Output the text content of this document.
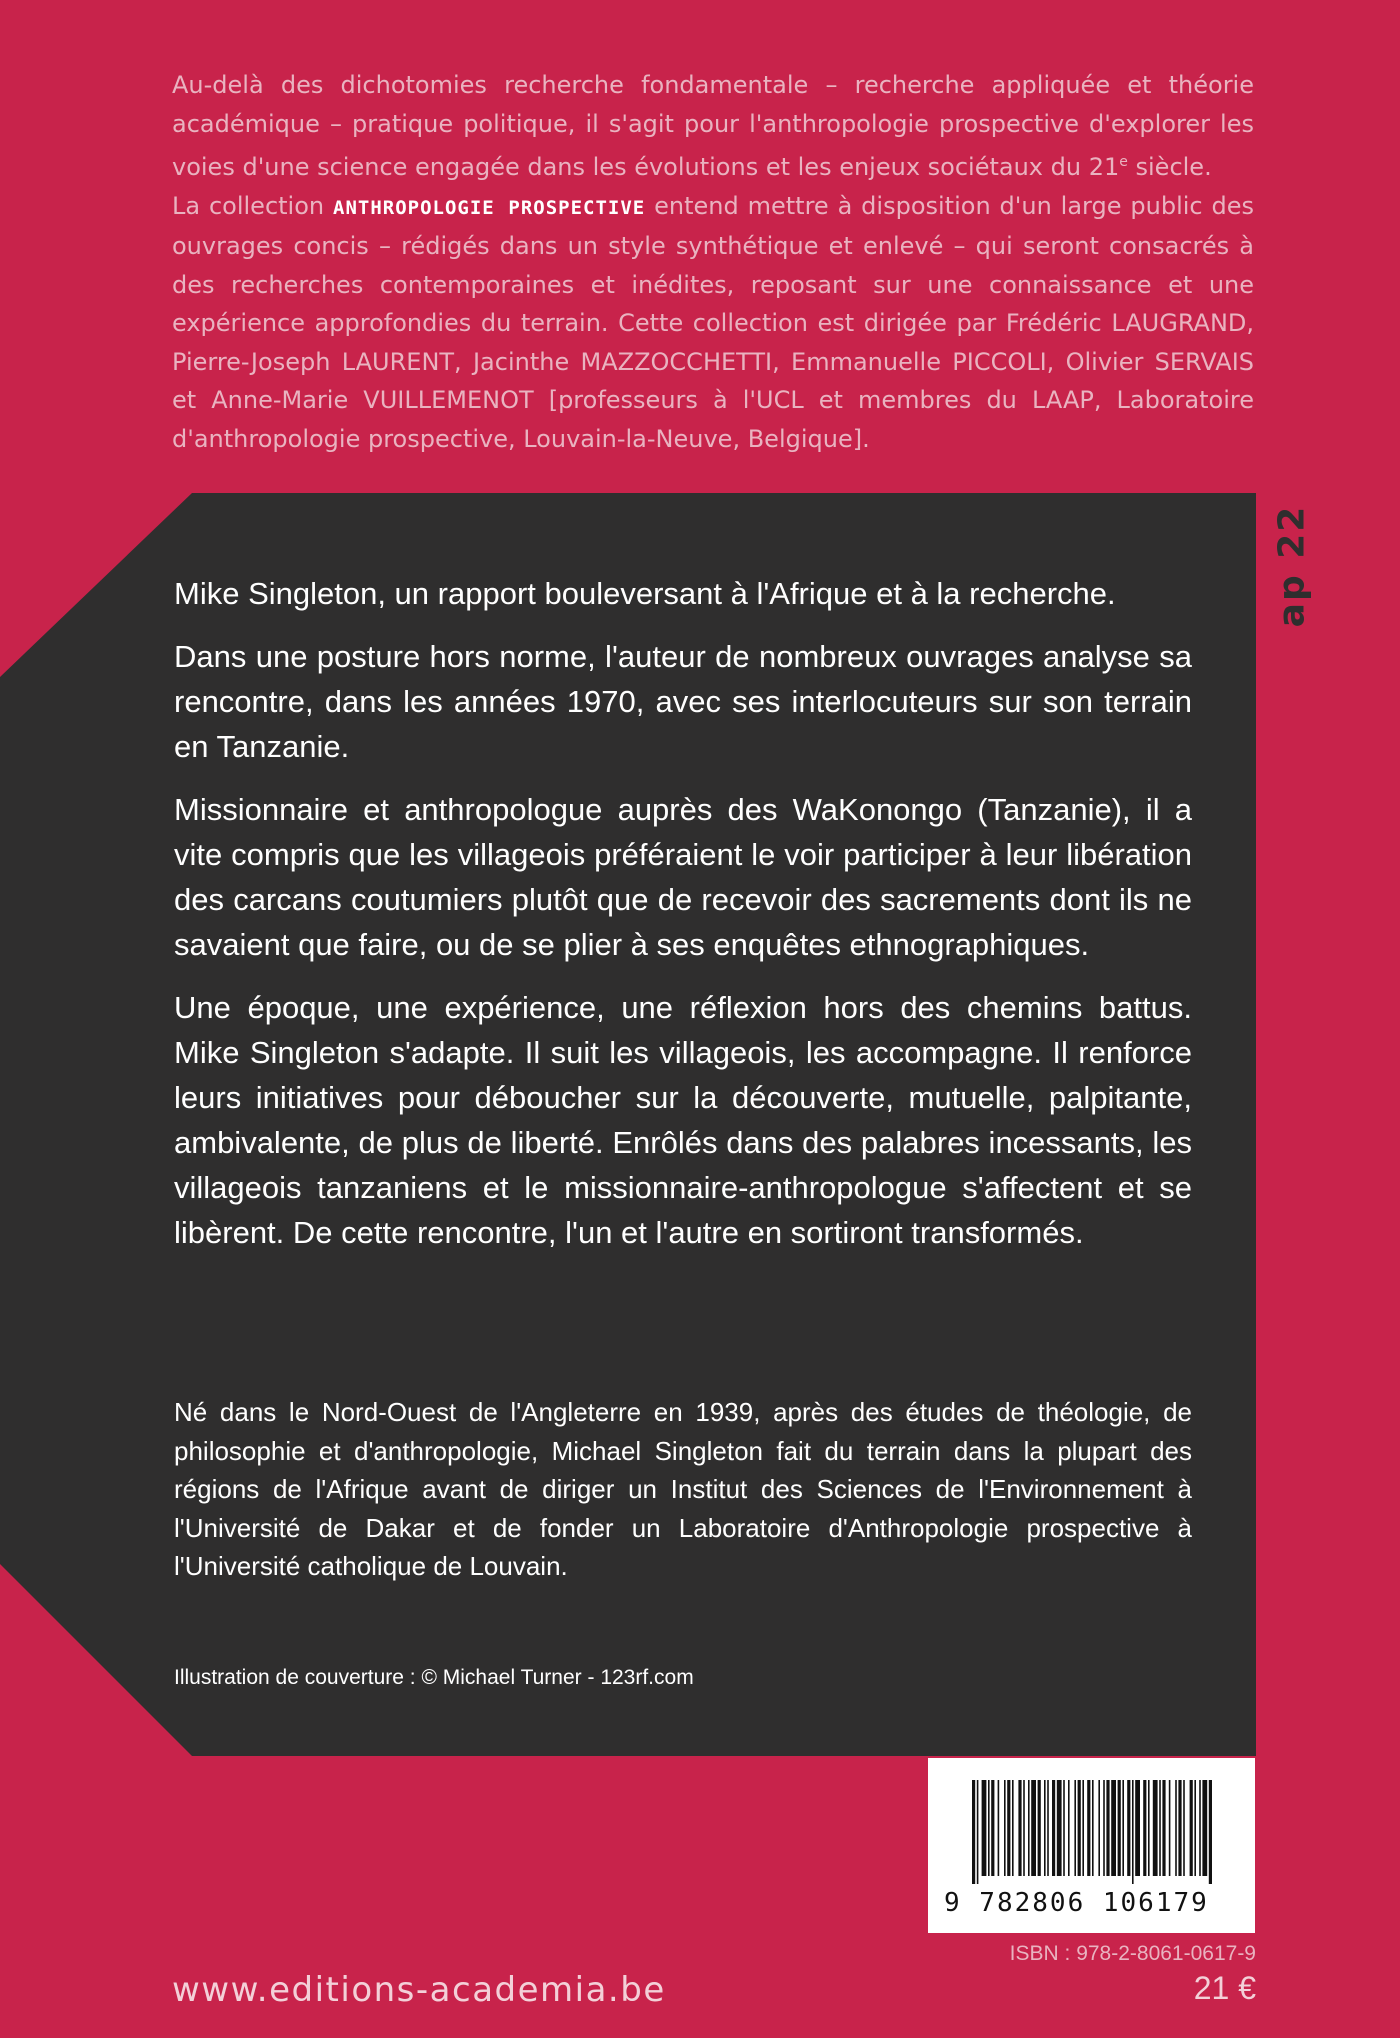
Au-delà des dichotomies recherche fondamentale – recherche appliquée et théorie académique – pratique politique, il s'agit pour l'anthropologie prospective d'explorer les voies d'une science engagée dans les évolutions et les enjeux sociétaux du 21e siècle.

La collection ANTHROPOLOGIE PROSPECTIVE entend mettre à disposition d'un large public des ouvrages concis – rédigés dans un style synthétique et enlevé – qui seront consacrés à des recherches contemporaines et inédites, reposant sur une connaissance et une expérience approfondies du terrain. Cette collection est dirigée par Frédéric LAUGRAND, Pierre-Joseph LAURENT, Jacinthe MAZZOCCHETTI, Emmanuelle PICCOLI, Olivier SERVAIS et Anne-Marie VUILLEMENOT [professeurs à l'UCL et membres du LAAP, Laboratoire d'anthropologie prospective, Louvain-la-Neuve, Belgique].

ap 22

Mike Singleton, un rapport bouleversant à l'Afrique et à la recherche.

Dans une posture hors norme, l'auteur de nombreux ouvrages analyse sa rencontre, dans les années 1970, avec ses interlocuteurs sur son terrain en Tanzanie.

Missionnaire et anthropologue auprès des WaKonongo (Tanzanie), il a vite compris que les villageois préféraient le voir participer à leur libération des carcans coutumiers plutôt que de recevoir des sacrements dont ils ne savaient que faire, ou de se plier à ses enquêtes ethnographiques.

Une époque, une expérience, une réflexion hors des chemins battus. Mike Singleton s'adapte. Il suit les villageois, les accompagne. Il renforce leurs initiatives pour déboucher sur la découverte, mutuelle, palpitante, ambivalente, de plus de liberté. Enrôlés dans des palabres incessants, les villageois tanzaniens et le missionnaire-anthropologue s'affectent et se libèrent. De cette rencontre, l'un et l'autre en sortiront transformés.

Né dans le Nord-Ouest de l'Angleterre en 1939, après des études de théologie, de philosophie et d'anthropologie, Michael Singleton fait du terrain dans la plupart des régions de l'Afrique avant de diriger un Institut des Sciences de l'Environnement à l'Université de Dakar et de fonder un Laboratoire d'Anthropologie prospective à l'Université catholique de Louvain.

Illustration de couverture : © Michael Turner - 123rf.com
9 782806 106179
ISBN : 978-2-8061-0617-9
21 €
www.editions-academia.be
